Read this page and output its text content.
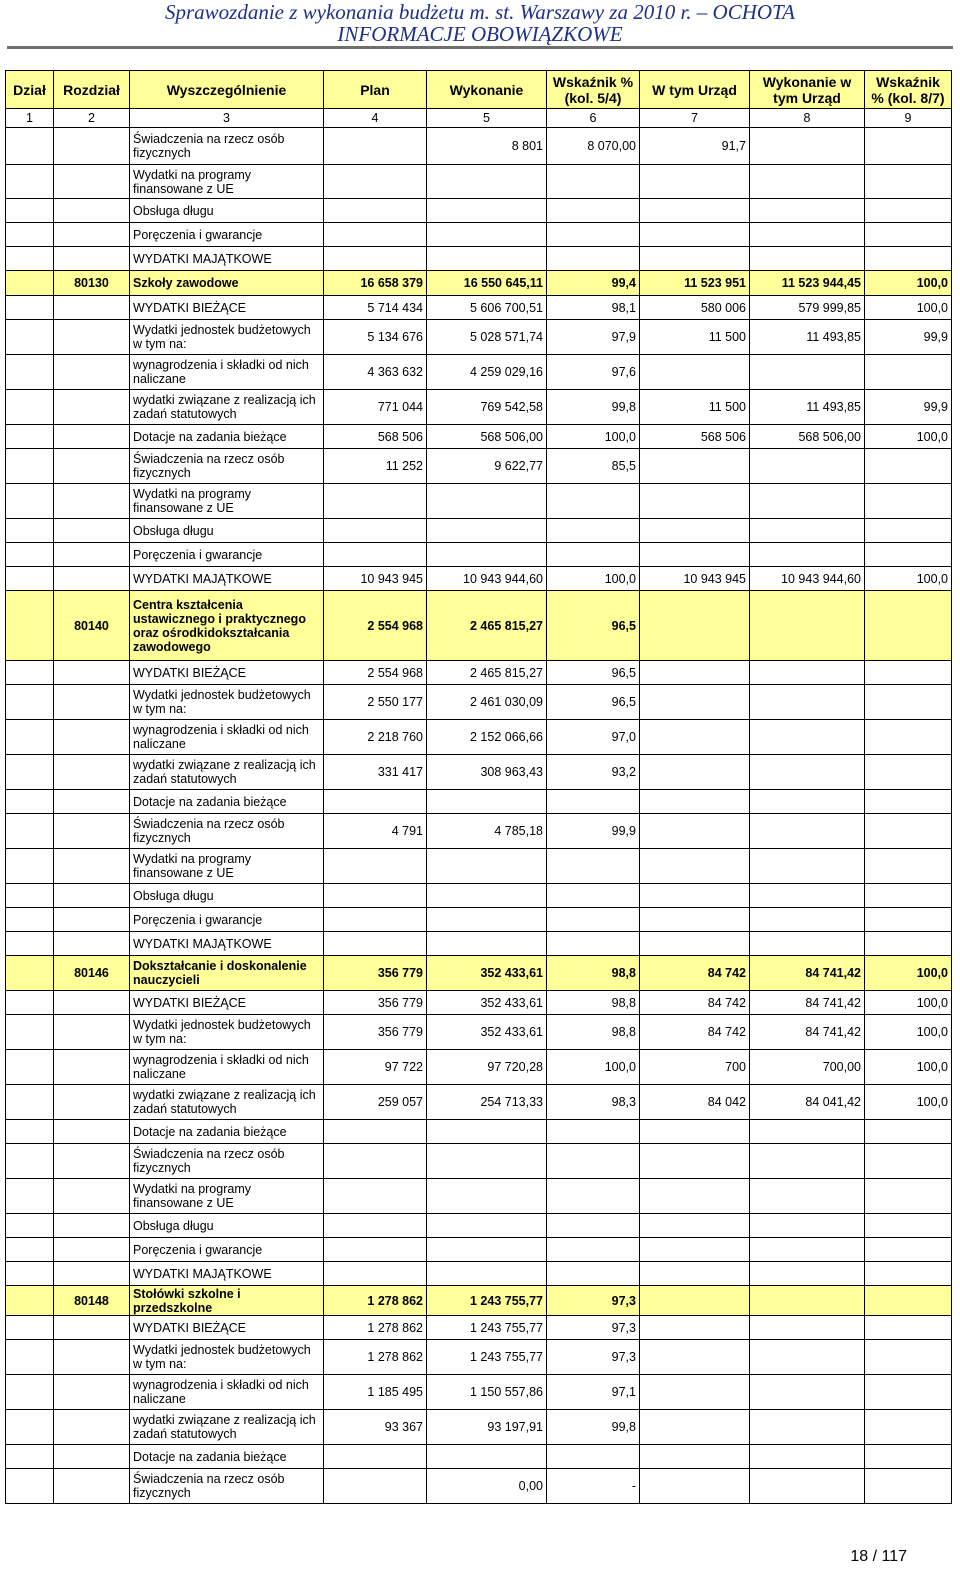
Sprawozdanie z wykonania budżetu m. st. Warszawy za 2010 r. – OCHOTA
INFORMACJE OBOWIĄZKOWE
Dział	Rozdział	Wyszczególnienie	Plan	Wykonanie	Wskaźnik % (kol. 5/4)	W tym Urząd	Wykonanie w tym Urząd	Wskaźnik % (kol. 8/7)
1	2	3	4	5	6	7	8	9
		Świadczenia na rzecz osób fizycznych		8 801	8 070,00	91,7		
		Wydatki na programy finansowane z UE						
		Obsługa długu						
		Poręczenia i gwarancje						
		WYDATKI MAJĄTKOWE						
	80130	Szkoły zawodowe	16 658 379	16 550 645,11	99,4	11 523 951	11 523 944,45	100,0
		WYDATKI BIEŻĄCE	5 714 434	5 606 700,51	98,1	580 006	579 999,85	100,0
		Wydatki jednostek budżetowych w tym na:	5 134 676	5 028 571,74	97,9	11 500	11 493,85	99,9
		wynagrodzenia i składki od nich naliczane	4 363 632	4 259 029,16	97,6			
		wydatki związane z realizacją ich zadań statutowych	771 044	769 542,58	99,8	11 500	11 493,85	99,9
		Dotacje na zadania bieżące	568 506	568 506,00	100,0	568 506	568 506,00	100,0
		Świadczenia na rzecz osób fizycznych	11 252	9 622,77	85,5			
		Wydatki na programy finansowane z UE						
		Obsługa długu						
		Poręczenia i gwarancje						
		WYDATKI MAJĄTKOWE	10 943 945	10 943 944,60	100,0	10 943 945	10 943 944,60	100,0
	80140	Centra kształcenia ustawicznego i praktycznego oraz ośrodkidokształcania zawodowego	2 554 968	2 465 815,27	96,5			
		WYDATKI BIEŻĄCE	2 554 968	2 465 815,27	96,5			
		Wydatki jednostek budżetowych w tym na:	2 550 177	2 461 030,09	96,5			
		wynagrodzenia i składki od nich naliczane	2 218 760	2 152 066,66	97,0			
		wydatki związane z realizacją ich zadań statutowych	331 417	308 963,43	93,2			
		Dotacje na zadania bieżące						
		Świadczenia na rzecz osób fizycznych	4 791	4 785,18	99,9			
		Wydatki na programy finansowane z UE						
		Obsługa długu						
		Poręczenia i gwarancje						
		WYDATKI MAJĄTKOWE						
	80146	Dokształcanie i doskonalenie nauczycieli	356 779	352 433,61	98,8	84 742	84 741,42	100,0
		WYDATKI BIEŻĄCE	356 779	352 433,61	98,8	84 742	84 741,42	100,0
		Wydatki jednostek budżetowych w tym na:	356 779	352 433,61	98,8	84 742	84 741,42	100,0
		wynagrodzenia i składki od nich naliczane	97 722	97 720,28	100,0	700	700,00	100,0
		wydatki związane z realizacją ich zadań statutowych	259 057	254 713,33	98,3	84 042	84 041,42	100,0
		Dotacje na zadania bieżące						
		Świadczenia na rzecz osób fizycznych						
		Wydatki na programy finansowane z UE						
		Obsługa długu						
		Poręczenia i gwarancje						
		WYDATKI MAJĄTKOWE						
	80148	Stołówki szkolne i przedszkolne	1 278 862	1 243 755,77	97,3			
		WYDATKI BIEŻĄCE	1 278 862	1 243 755,77	97,3			
		Wydatki jednostek budżetowych w tym na:	1 278 862	1 243 755,77	97,3			
		wynagrodzenia i składki od nich naliczane	1 185 495	1 150 557,86	97,1			
		wydatki związane z realizacją ich zadań statutowych	93 367	93 197,91	99,8			
		Dotacje na zadania bieżące						
		Świadczenia na rzecz osób fizycznych		0,00	-			
18 / 117
